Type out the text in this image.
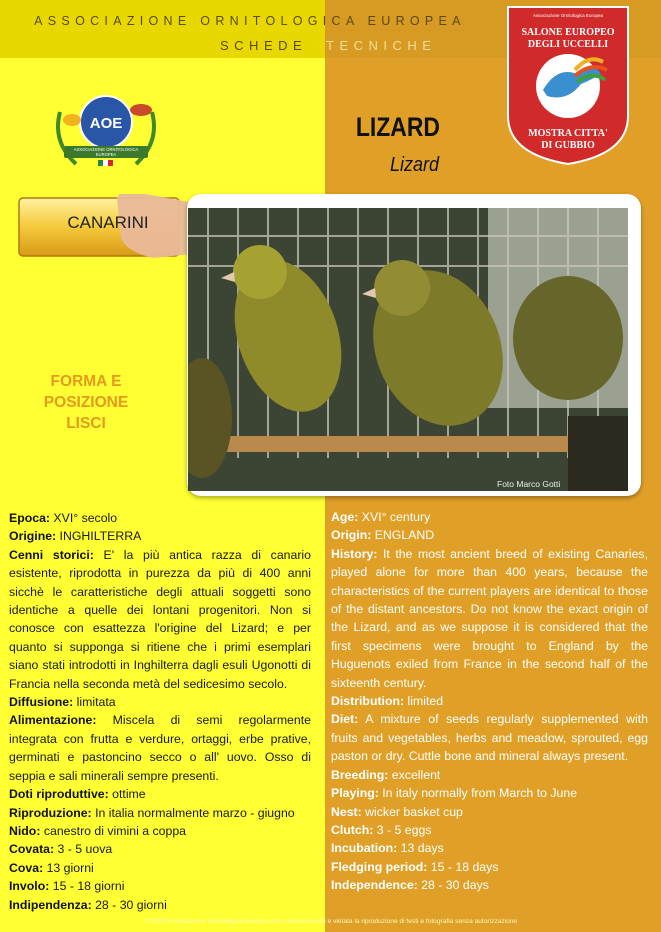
ASSOCIAZIONE ORNITOLOGICA EUROPEA
SCHEDE TECNICHE
AOE
ASSOCIAZIONE ORNITOLOGICA
EUROPEA
Associazione Ornitologica Europea
SALONE EUROPEO
DEGLI UCCELLI
MOSTRA CITTA'
DI GUBBIO
LIZARD
Lizard
CANARINI
FORMA E
POSIZIONE
LISCI
Foto Marco Gotti
Epoca: XVI° secolo
Origine: INGHILTERRA
Cenni storici: E' la più antica razza di canario esistente, riprodotta in purezza da più di 400 anni sicchè le caratteristiche degli attuali soggetti sono identiche a quelle dei lontani progenitori. Non si conosce con esattezza l'origine del Lizard; e per quanto si supponga si ritiene che i primi esemplari siano stati introdotti in Inghilterra dagli esuli Ugonotti di Francia nella seconda metà del sedicesimo secolo.
Diffusione: limitata
Alimentazione: Miscela di semi regolarmente integrata con frutta e verdure, ortaggi, erbe prative, germinati e pastoncino secco o all' uovo. Osso di seppia e sali minerali sempre presenti.
Doti riproduttive: ottime
Riproduzione: In italia normalmente marzo - giugno
Nido: canestro di vimini a coppa
Covata: 3 - 5 uova
Cova: 13 giorni
Involo: 15 - 18 giorni
Indipendenza: 28 - 30 giorni
Age: XVI° century
Origin: ENGLAND
History: It the most ancient breed of existing Canaries, played alone for more than 400 years, because the characteristics of the current players are identical to those of the distant ancestors. Do not know the exact origin of the Lizard, and as we suppose it is considered that the first specimens were brought to England by the Huguenots exiled from France in the second half of the sixteenth century.
Distribution: limited
Diet: A mixture of seeds regularly supplemented with fruits and vegetables, herbs and meadow, sprouted, egg paston or dry. Cuttle bone and mineral always present.
Breeding: excellent
Playing: In italy normally from March to June
Nest: wicker basket cup
Clutch: 3 - 5 eggs
Incubation: 13 days
Fledging period: 15 - 18 days
Independence: 28 - 30 days
© 2009 Associazione Ornitologica Europea tutti i diritti riservati e vietata la riproduzione di testi e fotografia senza autorizzazione
